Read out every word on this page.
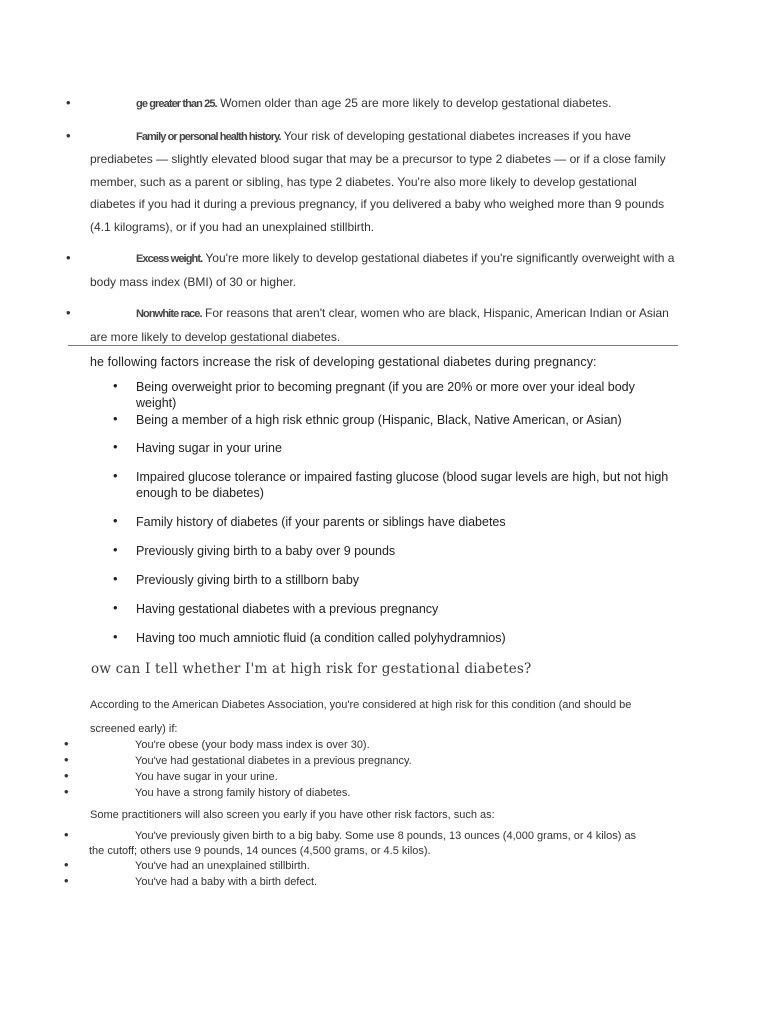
•	ge greater than 25. Women older than age 25 are more likely to develop gestational diabetes.
•	Family or personal health history. Your risk of developing gestational diabetes increases if you have prediabetes — slightly elevated blood sugar that may be a precursor to type 2 diabetes — or if a close family member, such as a parent or sibling, has type 2 diabetes. You're also more likely to develop gestational diabetes if you had it during a previous pregnancy, if you delivered a baby who weighed more than 9 pounds (4.1 kilograms), or if you had an unexplained stillbirth.
•	Excess weight. You're more likely to develop gestational diabetes if you're significantly overweight with a body mass index (BMI) of 30 or higher.
•	Nonwhite race. For reasons that aren't clear, women who are black, Hispanic, American Indian or Asian are more likely to develop gestational diabetes.
he following factors increase the risk of developing gestational diabetes during pregnancy:
• Being overweight prior to becoming pregnant (if you are 20% or more over your ideal body weight)
• Being a member of a high risk ethnic group (Hispanic, Black, Native American, or Asian)
• Having sugar in your urine
• Impaired glucose tolerance or impaired fasting glucose (blood sugar levels are high, but not high enough to be diabetes)
• Family history of diabetes (if your parents or siblings have diabetes
• Previously giving birth to a baby over 9 pounds
• Previously giving birth to a stillborn baby
• Having gestational diabetes with a previous pregnancy
• Having too much amniotic fluid (a condition called polyhydramnios)
ow can I tell whether I'm at high risk for gestational diabetes?
According to the American Diabetes Association, you're considered at high risk for this condition (and should be screened early) if:
•	You're obese (your body mass index is over 30).
•	You've had gestational diabetes in a previous pregnancy.
•	You have sugar in your urine.
•	You have a strong family history of diabetes.
Some practitioners will also screen you early if you have other risk factors, such as:
•	You've previously given birth to a big baby. Some use 8 pounds, 13 ounces (4,000 grams, or 4 kilos) as
the cutoff; others use 9 pounds, 14 ounces (4,500 grams, or 4.5 kilos).
•	You've had an unexplained stillbirth.
•	You've had a baby with a birth defect.
